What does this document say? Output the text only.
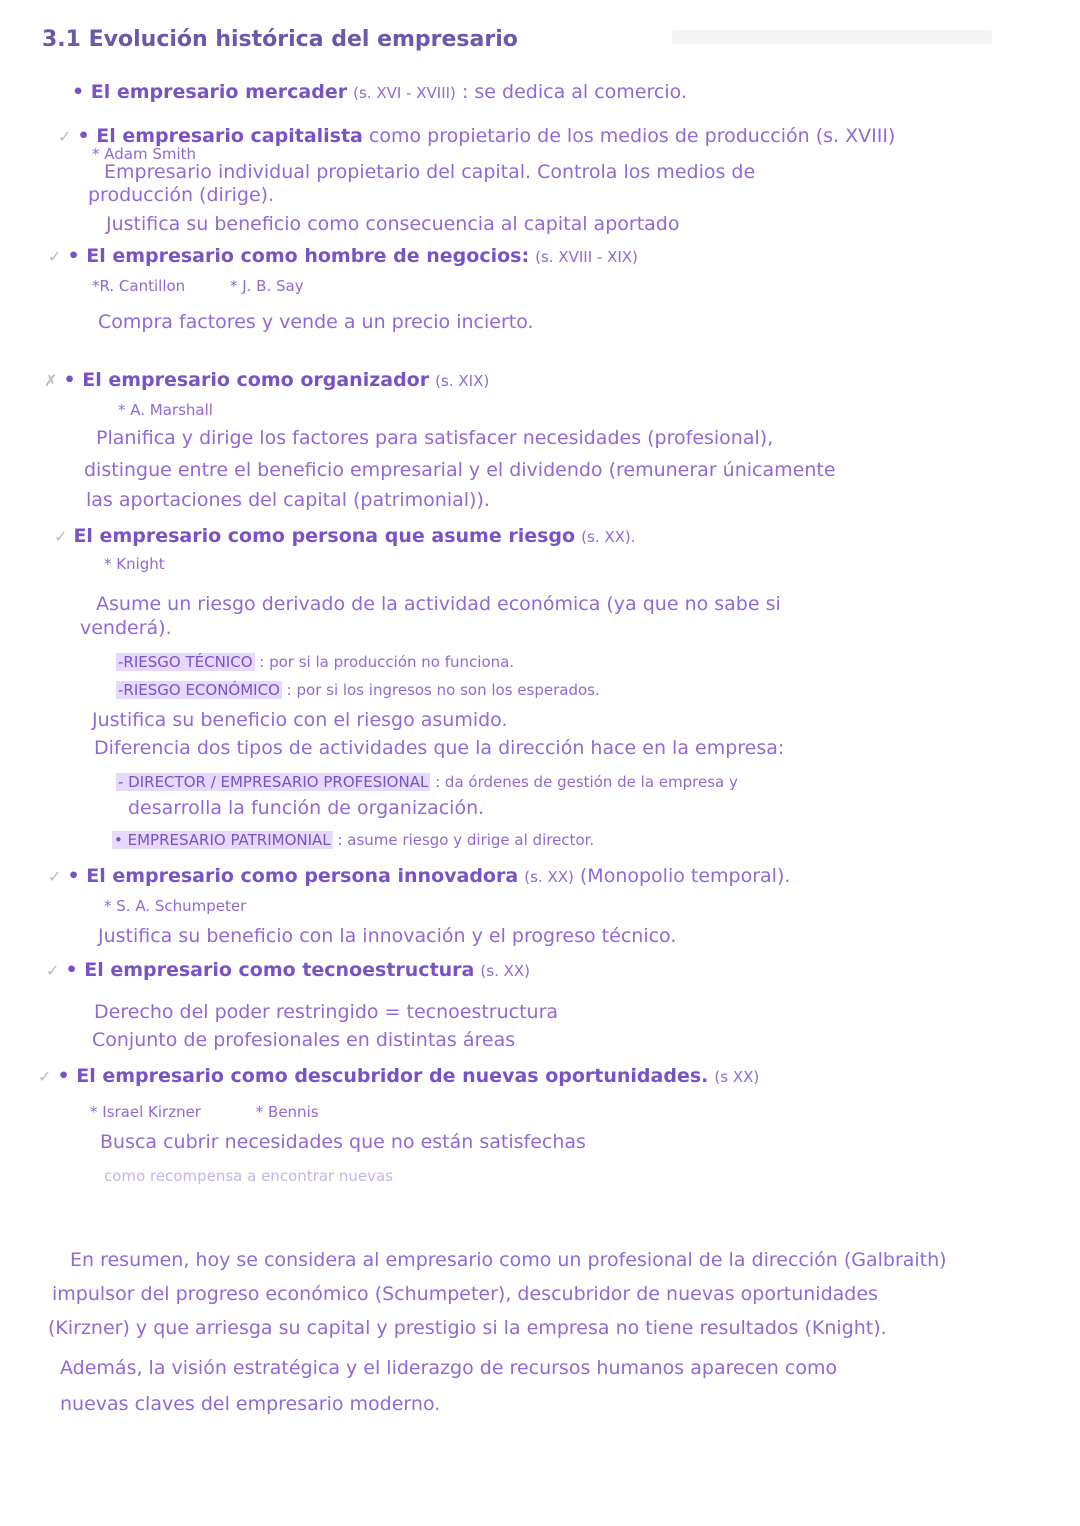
3.1 Evolución histórica del empresario
• El empresario mercader (s. XVI - XVIII) : se dedica al comercio.
✓ • El empresario capitalista como propietario de los medios de producción (s. XVIII)
* Adam Smith
Empresario individual propietario del capital. Controla los medios de
producción (dirige).
Justifica su beneficio como consecuencia al capital aportado
✓ • El empresario como hombre de negocios: (s. XVIII - XIX)
*R. Cantillon	* J. B. Say
Compra factores y vende a un precio incierto.
✗ • El empresario como organizador (s. XIX)
* A. Marshall
Planifica y dirige los factores para satisfacer necesidades (profesional),
distingue entre el beneficio empresarial y el dividendo (remunerar únicamente
las aportaciones del capital (patrimonial)).
✓ El empresario como persona que asume riesgo (s. XX).
* Knight
Asume un riesgo derivado de la actividad económica (ya que no sabe si
venderá).
-RIESGO TÉCNICO : por si la producción no funciona.
-RIESGO ECONÓMICO : por si los ingresos no son los esperados.
Justifica su beneficio con el riesgo asumido.
Diferencia dos tipos de actividades que la dirección hace en la empresa:
- DIRECTOR / EMPRESARIO PROFESIONAL : da órdenes de gestión de la empresa y
desarrolla la función de organización.
• EMPRESARIO PATRIMONIAL : asume riesgo y dirige al director.
✓ • El empresario como persona innovadora (s. XX) (Monopolio temporal).
* S. A. Schumpeter
Justifica su beneficio con la innovación y el progreso técnico.
✓ • El empresario como tecnoestructura (s. XX)
Derecho del poder restringido = tecnoestructura
Conjunto de profesionales en distintas áreas
✓ • El empresario como descubridor de nuevas oportunidades. (s XX)
* Israel Kirzner	* Bennis
Busca cubrir necesidades que no están satisfechas
como recompensa a encontrar nuevas
En resumen, hoy se considera al empresario como un profesional de la dirección (Galbraith)
impulsor del progreso económico (Schumpeter), descubridor de nuevas oportunidades
(Kirzner) y que arriesga su capital y prestigio si la empresa no tiene resultados (Knight).
Además, la visión estratégica y el liderazgo de recursos humanos aparecen como
nuevas claves del empresario moderno.
